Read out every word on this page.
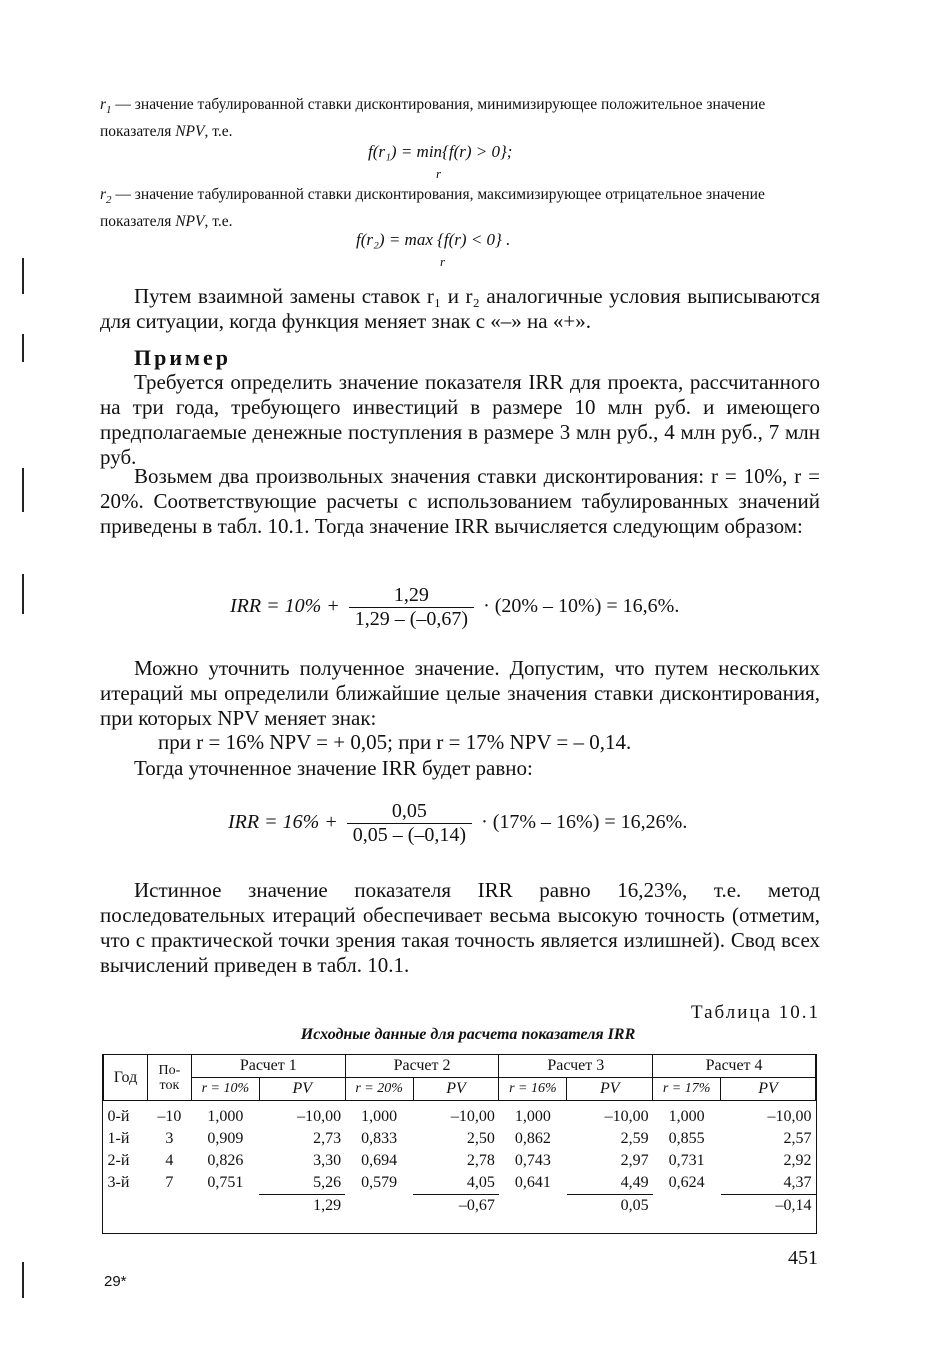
$r_1$ — значение табулированной ставки дисконтирования, минимизирующее положительное значение показателя NPV, т.е.
f(r₁) = min{f(r) > 0};
r
$r_2$ — значение табулированной ставки дисконтирования, максимизирующее отрицательное значение показателя NPV, т.е.
f(r₂) = max {f(r) < 0} .
r
Путем взаимной замены ставок r₁ и r₂ аналогичные условия выписываются для ситуации, когда функция меняет знак с «–» на «+».
Пример
Требуется определить значение показателя IRR для проекта, рассчитанного на три года, требующего инвестиций в размере 10 млн руб. и имеющего предполагаемые денежные поступления в размере 3 млн руб., 4 млн руб., 7 млн руб.
Возьмем два произвольных значения ставки дисконтирования: r = 10%, r = 20%. Соответствующие расчеты с использованием табулированных значений приведены в табл. 10.1. Тогда значение IRR вычисляется следующим образом:
IRR = $10\% + \frac{1,29}{1,29 - (-0,67)} \cdot (20\% - 10\%) = 16,6\%$.
Можно уточнить полученное значение. Допустим, что путем нескольких итераций мы определили ближайшие целые значения ставки дисконтирования, при которых NPV меняет знак:
при r = 16% NPV = + 0,05; при r = 17% NPV = – 0,14.
Тогда уточненное значение IRR будет равно:
IRR = $16\% + \frac{0,05}{0,05 - (-0,14)} \cdot (17\% - 16\%) = 16,26\%$.
Истинное значение показателя IRR равно 16,23%, т.е. метод последовательных итераций обеспечивает весьма высокую точность (отметим, что с практической точки зрения такая точность является излишней). Свод всех вычислений приведен в табл. 10.1.
Таблица 10.1
Исходные данные для расчета показателя IRR
Год	По-ток	Расчет 1		Расчет 2		Расчет 3		Расчет 4	
		r = 10%	PV	r = 20%	PV	r = 16%	PV	r = 17%	PV
0-й	–10	1,000	–10,00	1,000	–10,00	1,000	–10,00	1,000	–10,00
1-й	3	0,909	2,73	0,833	2,50	0,862	2,59	0,855	2,57
2-й	4	0,826	3,30	0,694	2,78	0,743	2,97	0,731	2,92
3-й	7	0,751	5,26	0,579	4,05	0,641	4,49	0,624	4,37
			1,29		–0,67		0,05		–0,14
451
29*
